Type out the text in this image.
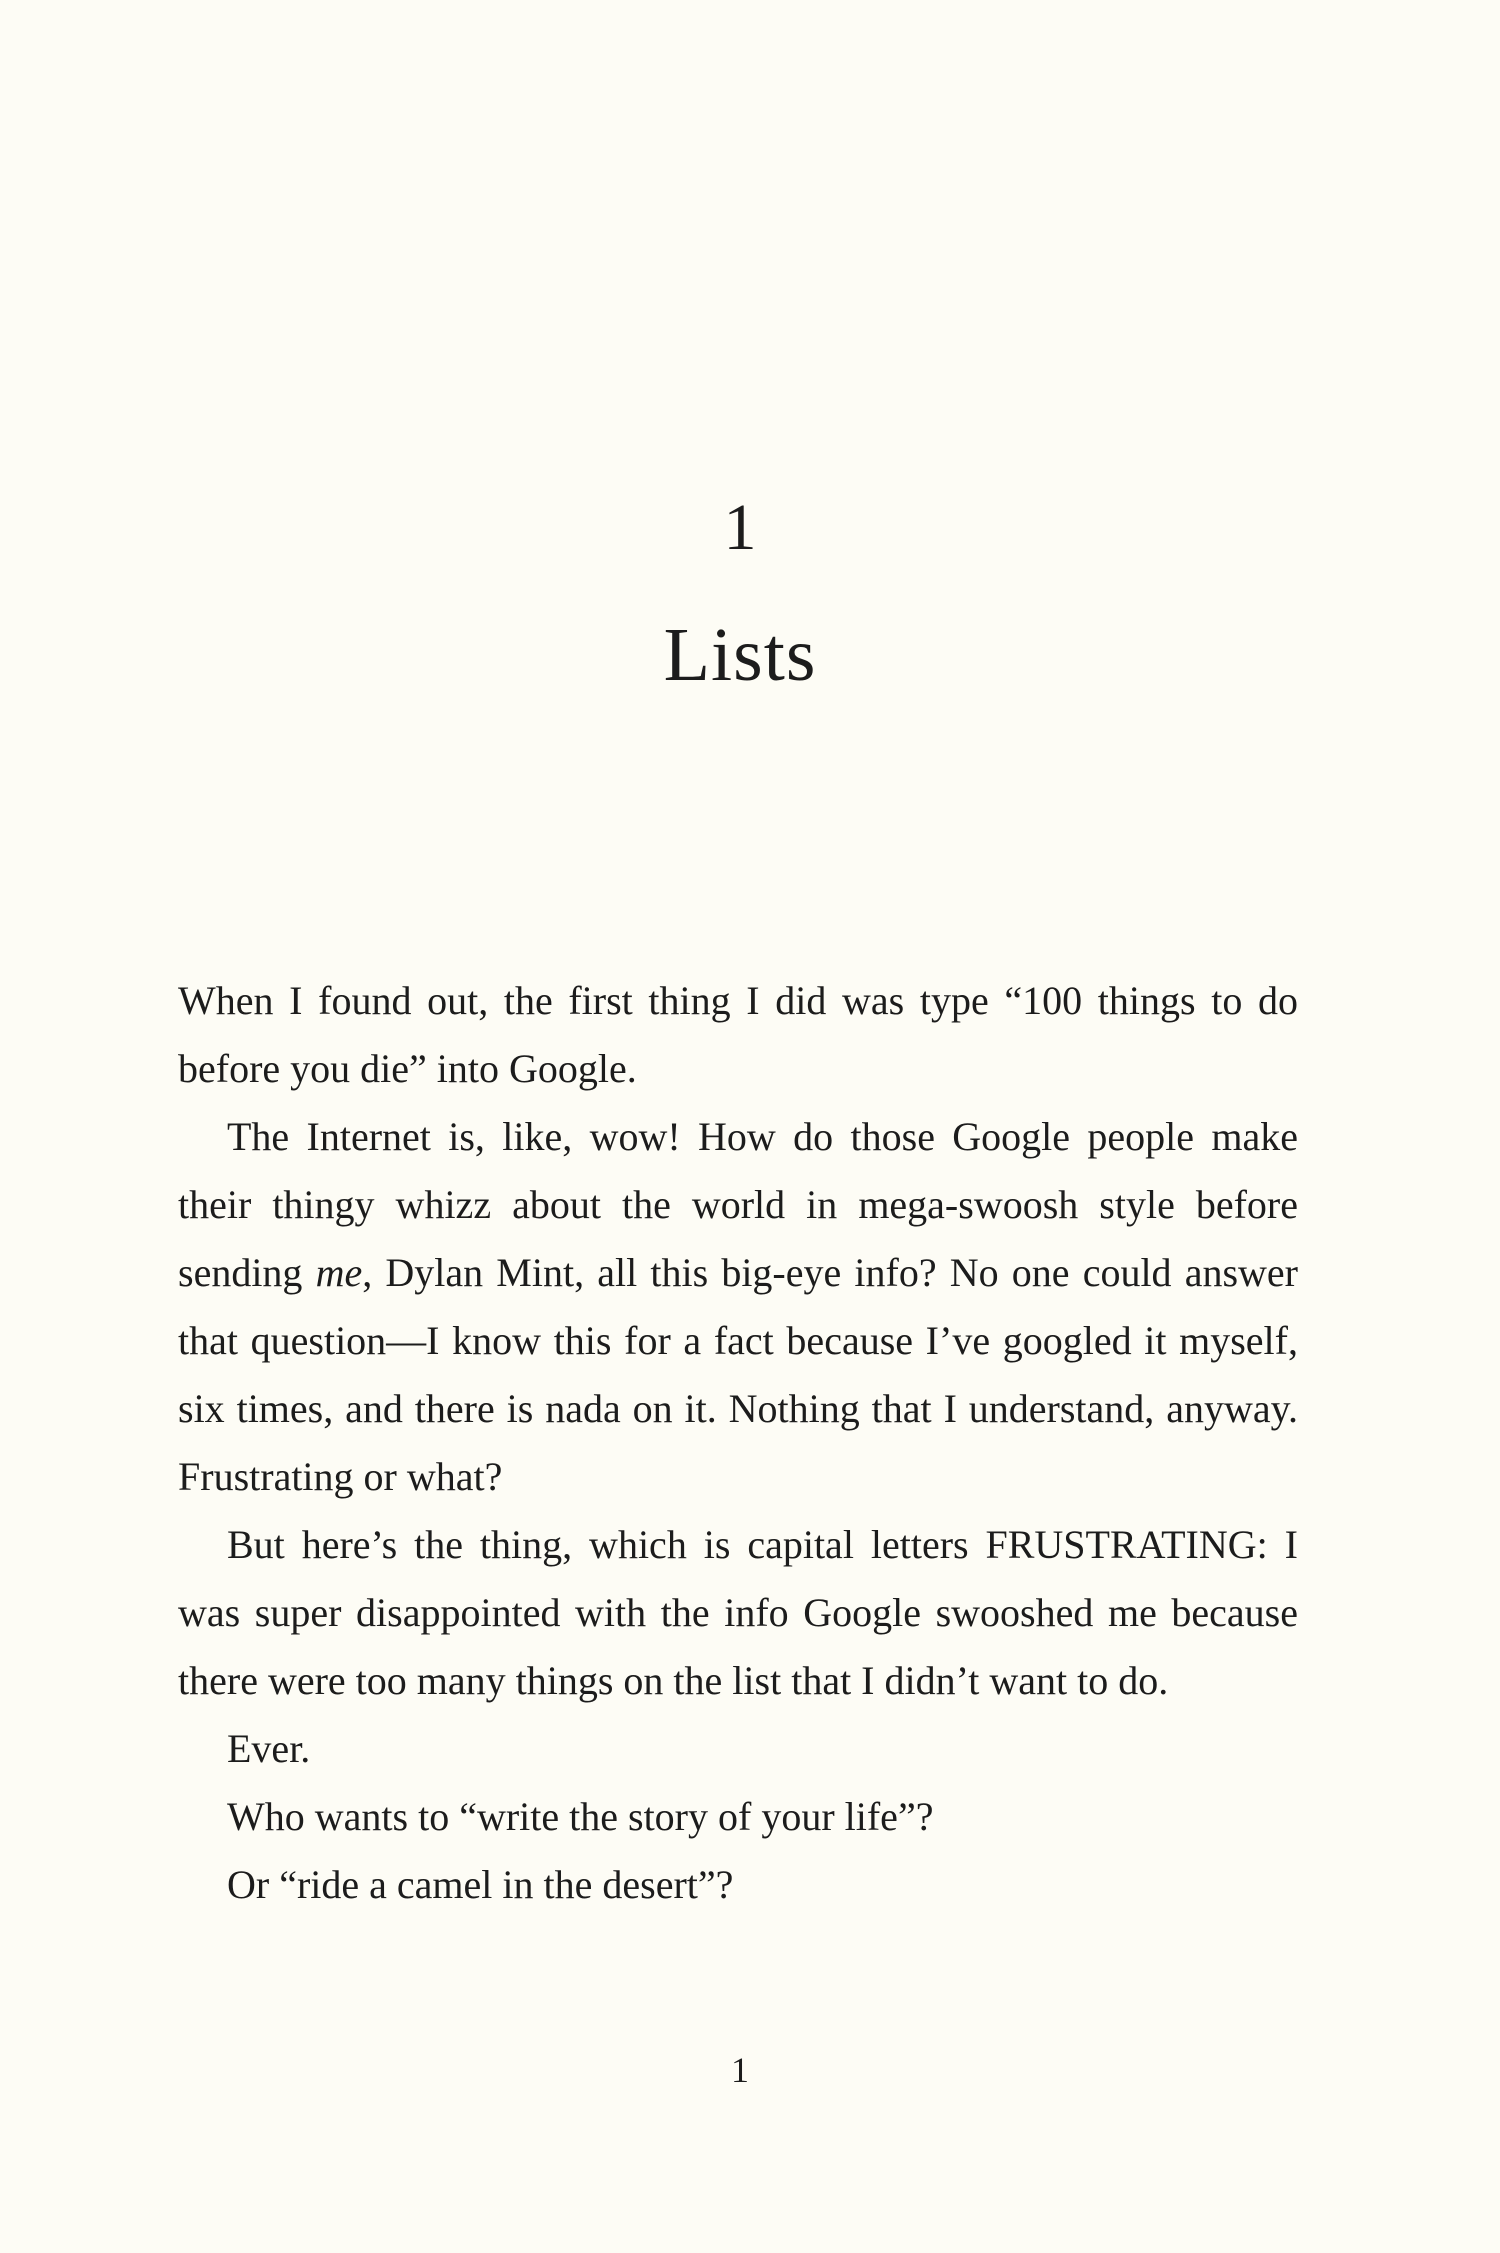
1
Lists

When I found out, the first thing I did was type “100 things to do before you die” into Google.

The Internet is, like, wow! How do those Google people make their thingy whizz about the world in mega-swoosh style before sending me, Dylan Mint, all this big-eye info? No one could answer that question—I know this for a fact because I’ve googled it myself, six times, and there is nada on it. Nothing that I understand, anyway. Frustrating or what?

But here’s the thing, which is capital letters FRUSTRATING: I was super disappointed with the info Google swooshed me because there were too many things on the list that I didn’t want to do.

Ever.

Who wants to “write the story of your life”?

Or “ride a camel in the desert”?

1
